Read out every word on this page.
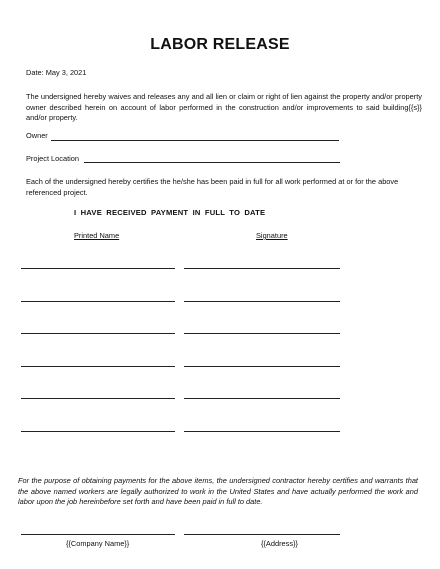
LABOR RELEASE
Date: May 3, 2021
The undersigned hereby waives and releases any and all lien or claim or right of lien against the property and/or property owner described herein on account of labor performed in the construction and/or improvements to said building{{s}} and/or property.
Owner
Project Location
Each of the undersigned hereby certifies the he/she has been paid in full for all work performed at or for the above referenced project.
I HAVE RECEIVED PAYMENT IN FULL TO DATE
Printed Name	Signature
For the purpose of obtaining payments for the above items, the undersigned contractor hereby certifies and warrants that the above named workers are legally authorized to work in the United States and have actually performed the work and labor upon the job hereinbefore set forth and have been paid in full to date.
{{Company Name}}	{{Address}}
